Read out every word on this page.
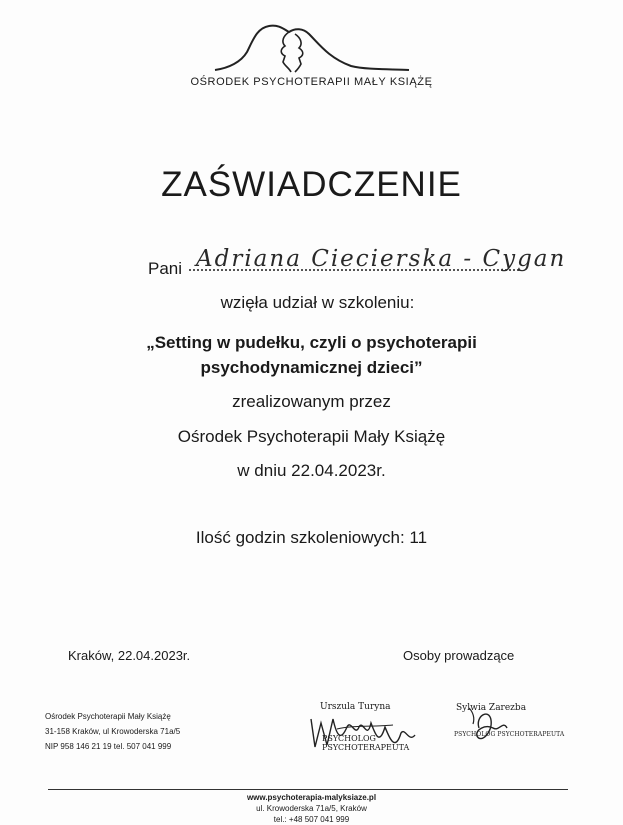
OŚRODEK PSYCHOTERAPII MAŁY KSIĄŻĘ
ZAŚWIADCZENIE
Pani Adriana Ciecierska - Cygan
wzięła udział w szkoleniu:
„Setting w pudełku, czyli o psychoterapii
psychodynamicznej dzieci”
zrealizowanym przez
Ośrodek Psychoterapii Mały Książę
w dniu 22.04.2023r.
Ilość godzin szkoleniowych: 11
Kraków, 22.04.2023r.	Osoby prowadzące
Ośrodek Psychoterapii Mały Książę
31-158 Kraków, ul Krowoderska 71a/5
NIP 958 146 21 19 tel. 507 041 999
Urszula Turyna
PSYCHOLOG
PSYCHOTERAPEUTA
Sylwia Zarezba
PSYCHOLOG PSYCHOTERAPEUTA
www.psychoterapia-malyksiaze.pl
ul. Krowoderska 71a/5, Kraków
tel.: +48 507 041 999
